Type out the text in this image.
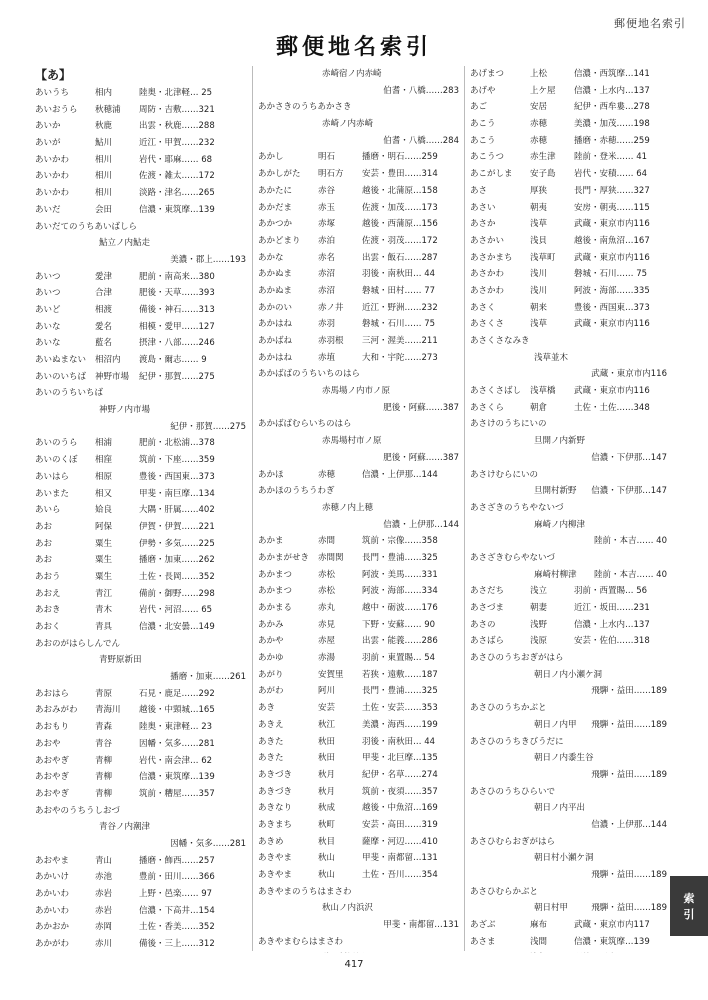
郵便地名索引
郵便地名索引
【あ】
あいうち	相内	陸奥・北津軽… 25
あいおうら 秋穂浦 周防・吉敷……321
あいか	秋鹿	出雲・秋鹿……288
あいが	鮎川	近江・甲賀……232
あいかわ	相川	岩代・耶麻…… 68
あいかわ	相川	佐渡・雑太……172
あいかわ	相川	淡路・津名……265
あいだ	会田	信濃・東筑摩…139
あいだてのうちあいばしら
鮎立ノ内鮎走
美濃・郡上……193
あいつ	愛津	肥前・南高来…380
あいつ	合津	肥後・天草……393
あいど	相渡	備後・神石……313
あいな	愛名	相模・愛甲……127
あいな	藍名	摂津・八部……246
あいぬまない 相沼内 渡島・爾志…… 9
あいのいちば 神野市場 紀伊・那賀……275
あいのうちいちば
神野ノ内市場
紀伊・那賀……275
あいのうら 相浦	肥前・北松浦…378
あいのくぼ 相窪	筑前・下座……359
あいはら	相原	豊後・西国東…373
あいまた	相又	甲斐・南巨摩…134
あいら	姶良	大隅・肝属……402
あお	阿保	伊賀・伊賀……221
あお	粟生	伊勢・多気……225
あお	粟生	播磨・加東……262
あおう	粟生	土佐・長岡……352
あおえ	青江	備前・御野……298
あおき	青木	岩代・河沼…… 65
あおく	青具	信濃・北安曇…149
あおのがはらしんでん
青野原新田
播磨・加東……261
あおはら	青原	石見・鹿足……292
あおみがわ 青海川 越後・中頸城…165
あおもり	青森	陸奥・東津軽… 23
あおや	青谷	因幡・気多……281
あおやぎ	青柳	岩代・南会津… 62
あおやぎ	青柳	信濃・東筑摩…139
あおやぎ	青柳	筑前・糟屋……357
あおやのうちうしおづ
青谷ノ内潮津
因幡・気多……281
あおやま	青山	播磨・飾西……257
あかいけ	赤池	豊前・田川……366
あかいわ	赤岩	上野・邑楽…… 97
あかいわ	赤岩	信濃・下高井…154
あかおか	赤岡	土佐・香美……352
あかがわ	赤川	備後・三上……312
赤崎宿ノ内赤崎
伯耆・八橋……283
あかさきのうちあかさき
赤崎ノ内赤崎
伯耆・八橋……284
あかし	明石	播磨・明石……259
あかしがた 明石方 安芸・豊田……314
あかたに	赤谷	越後・北蒲原…158
あかだま	赤玉	佐渡・加茂……173
あかつか	赤塚	越後・西蒲原…156
あかどまり 赤泊	佐渡・羽茂……172
あかな	赤名	出雲・飯石……287
あかぬま	赤沼	羽後・南秋田… 44
あかぬま	赤沼	磐城・田村…… 77
あかのい	赤ノ井 近江・野洲……232
あかはね	赤羽	磐城・石川…… 75
あかばね	赤羽根 三河・渥美……211
あかはね	赤埴	大和・宇陀……273
あかばばのうちいちのはら
赤馬場ノ内市ノ原
肥後・阿蘇……387
あかばばむらいちのはら
赤馬場村市ノ原
肥後・阿蘇……387
あかほ	赤穂	信濃・上伊那…144
あかほのうちうわぎ
赤穂ノ内上穂
信濃・上伊那…144
あかま	赤間	筑前・宗像……358
あかまがせき 赤間関 長門・豊浦……325
あかまつ	赤松	阿波・美馬……331
あかまつ	赤松	阿波・海部……334
あかまる	赤丸	越中・砺波……176
あかみ	赤見	下野・安蘇…… 90
あかや	赤屋	出雲・能義……286
あかゆ	赤湯	羽前・東置賜… 54
あがり	安賀里 若狭・遠敷……187
あがわ	阿川	長門・豊浦……325
あき	安芸	土佐・安芸……353
あきえ	秋江	美濃・海西……199
あきた	秋田	羽後・南秋田… 44
あきた	秋田	甲斐・北巨摩…135
あきづき	秋月	紀伊・名草……274
あきづき	秋月	筑前・夜須……357
あきなり	秋成	越後・中魚沼…169
あきまち	秋町	安芸・高田……319
あきめ	秋目	薩摩・河辺……410
あきやま	秋山	甲斐・南都留…131
あきやま	秋山	土佐・吾川……354
あきやまのうちはまさわ
秋山ノ内浜沢
甲斐・南都留…131
あきやまむらはまさわ
あげまつ	上松	信濃・西筑摩…141
あげや	上ケ屋 信濃・上水内…137
あご	安居	紀伊・西牟婁…278
あこう	赤穂	美濃・加茂……198
あこう	赤穂	播磨・赤穂……259
あこうつ	赤生津 陸前・登米…… 41
あこがしま 安子島 岩代・安積…… 64
あさ	厚狭	長門・厚狭……327
あさい	朝夷	安房・朝夷……115
あさか	浅草	武蔵・東京市内116
あさかい	浅貝	越後・南魚沼…167
あさかまち 浅草町 武蔵・東京市内116
あさかわ	浅川	磐城・石川…… 75
あさかわ	浅川	阿波・海部……335
あさく	朝来	豊後・西国東…373
あさくさ	浅草	武蔵・東京市内116
あさくさなみき
浅草並木
武蔵・東京市内116
あさくさばし 浅草橋 武蔵・東京市内116
あさくら	朝倉	土佐・土佐……348
あさけのうちにいの
旦開ノ内新野
信濃・下伊那…147
あさけむらにいの
旦開村新野 信濃・下伊那…147
あさざきのうちやないづ
麻崎ノ内柳津
陸前・本吉…… 40
あさざきむらやないづ
麻崎村柳津 陸前・本吉…… 40
あさだち	浅立	羽前・西置賜… 56
あさづま	朝妻	近江・坂田……231
あさの	浅野	信濃・上水内…137
あさばら	浅原	安芸・佐伯……318
あさひのうちおぎがはら
朝日ノ内小瀬ケ洞
飛騨・益田……189
あさひのうちかぶと
朝日ノ内甲 飛騨・益田……189
あさひのうちきびうだに
朝日ノ内黍生谷
飛騨・益田……189
あさひのうちひらいで
朝日ノ内平出
信濃・上伊那…144
あさひむらおぎがはら
朝日村小瀬ケ洞
飛騨・益田……189
あさひむらかぶと
朝日村甲	飛騨・益田……189
あざぶ	麻布	武蔵・東京市内117
あさま	浅間	信濃・東筑摩…139
417
索
引
